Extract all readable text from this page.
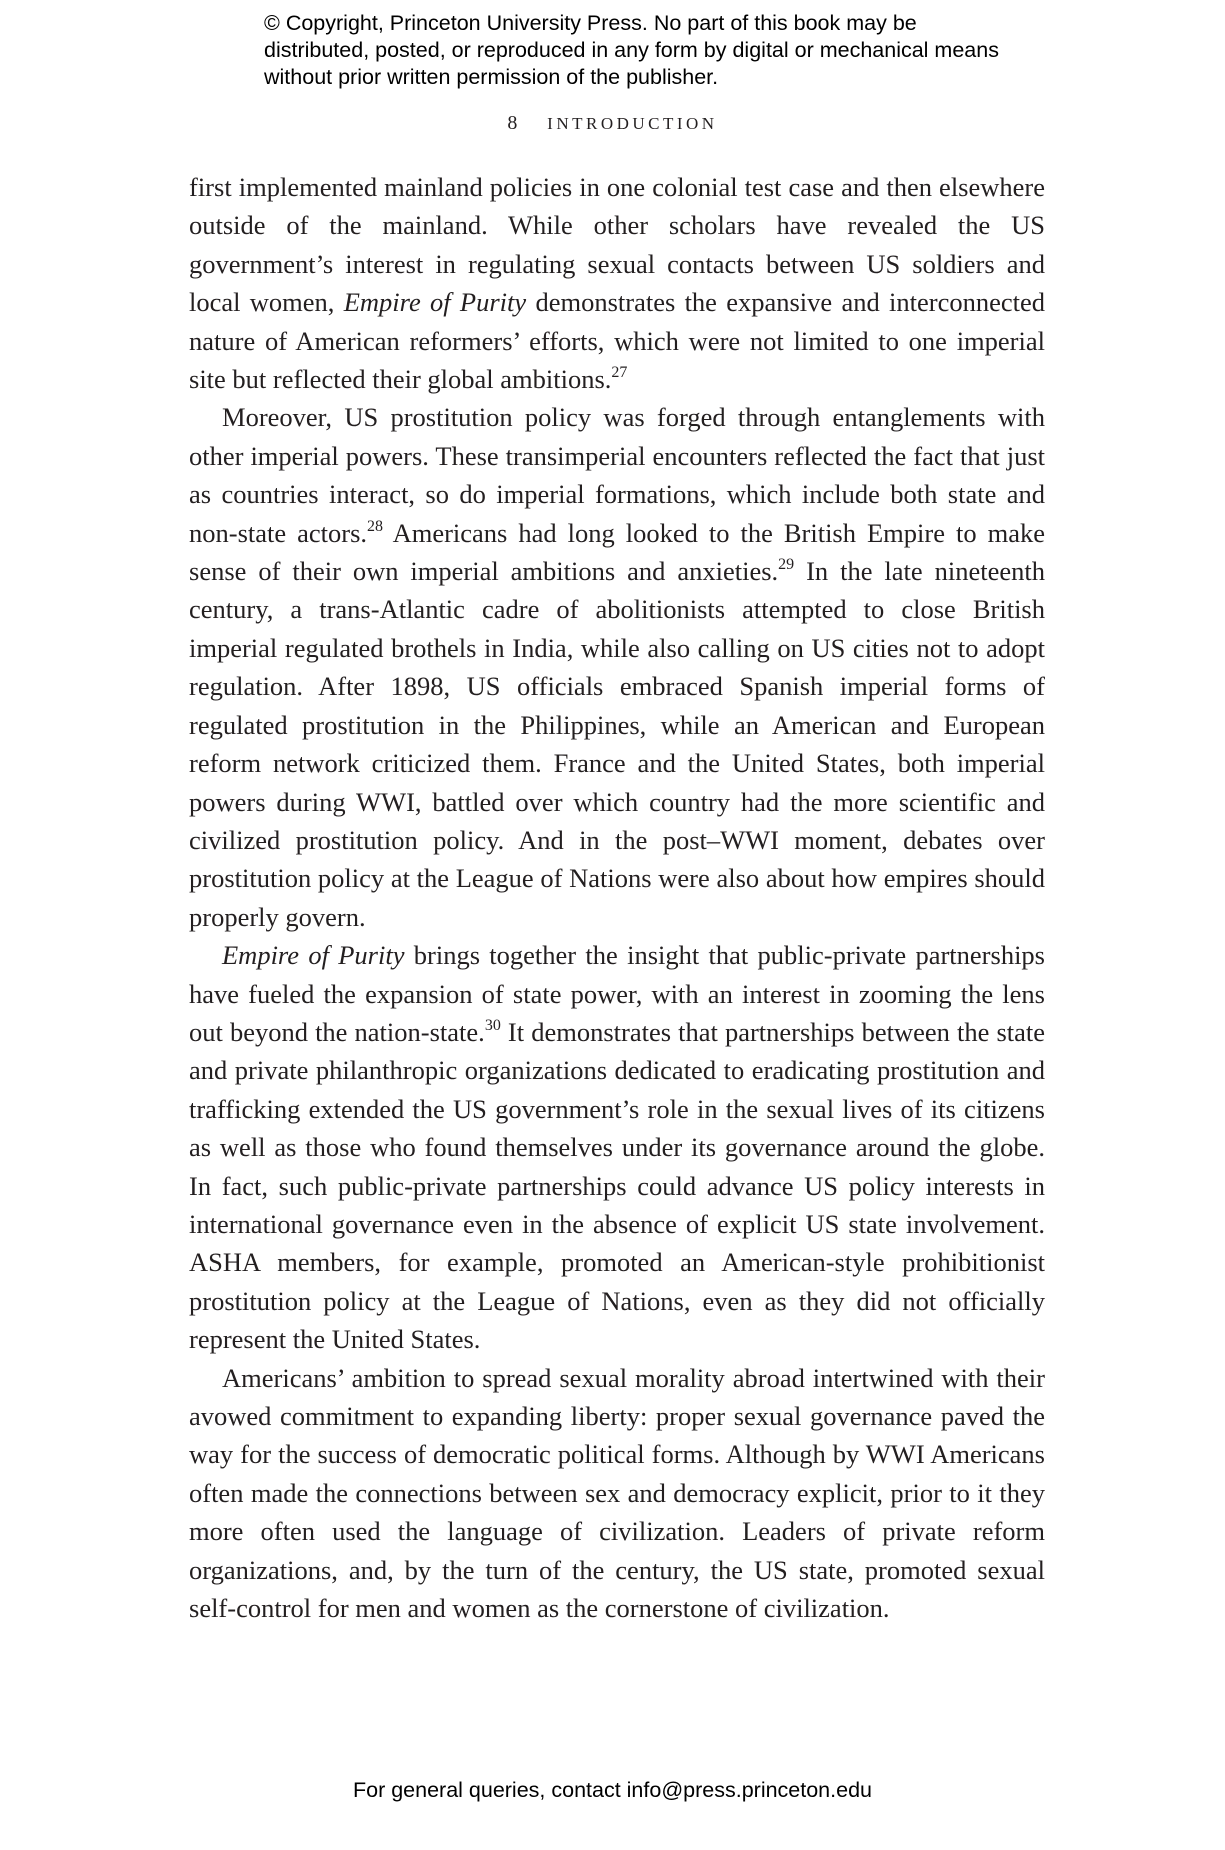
© Copyright, Princeton University Press. No part of this book may be distributed, posted, or reproduced in any form by digital or mechanical means without prior written permission of the publisher.

8 INTRODUCTION

first implemented mainland policies in one colonial test case and then elsewhere outside of the mainland. While other scholars have revealed the US government’s interest in regulating sexual contacts between US soldiers and local women, Empire of Purity demonstrates the expansive and interconnected nature of American reformers’ efforts, which were not limited to one imperial site but reflected their global ambitions.$^{27}$

Moreover, US prostitution policy was forged through entanglements with other imperial powers. These transimperial encounters reflected the fact that just as countries interact, so do imperial formations, which include both state and non-state actors.$^{28}$ Americans had long looked to the British Empire to make sense of their own imperial ambitions and anxieties.$^{29}$ In the late nineteenth century, a trans-Atlantic cadre of abolitionists attempted to close British imperial regulated brothels in India, while also calling on US cities not to adopt regulation. After 1898, US officials embraced Spanish imperial forms of regulated prostitution in the Philippines, while an American and European reform network criticized them. France and the United States, both imperial powers during WWI, battled over which country had the more scientific and civilized prostitution policy. And in the post–WWI moment, debates over prostitution policy at the League of Nations were also about how empires should properly govern.

Empire of Purity brings together the insight that public-private partnerships have fueled the expansion of state power, with an interest in zooming the lens out beyond the nation-state.$^{30}$ It demonstrates that partnerships between the state and private philanthropic organizations dedicated to eradicating prostitution and trafficking extended the US government’s role in the sexual lives of its citizens as well as those who found themselves under its governance around the globe. In fact, such public-private partnerships could advance US policy interests in international governance even in the absence of explicit US state involvement. ASHA members, for example, promoted an American-style prohibitionist prostitution policy at the League of Nations, even as they did not officially represent the United States.

Americans’ ambition to spread sexual morality abroad intertwined with their avowed commitment to expanding liberty: proper sexual governance paved the way for the success of democratic political forms. Although by WWI Americans often made the connections between sex and democracy explicit, prior to it they more often used the language of civilization. Leaders of private reform organizations, and, by the turn of the century, the US state, promoted sexual self-control for men and women as the cornerstone of civilization.

For general queries, contact info@press.princeton.edu
